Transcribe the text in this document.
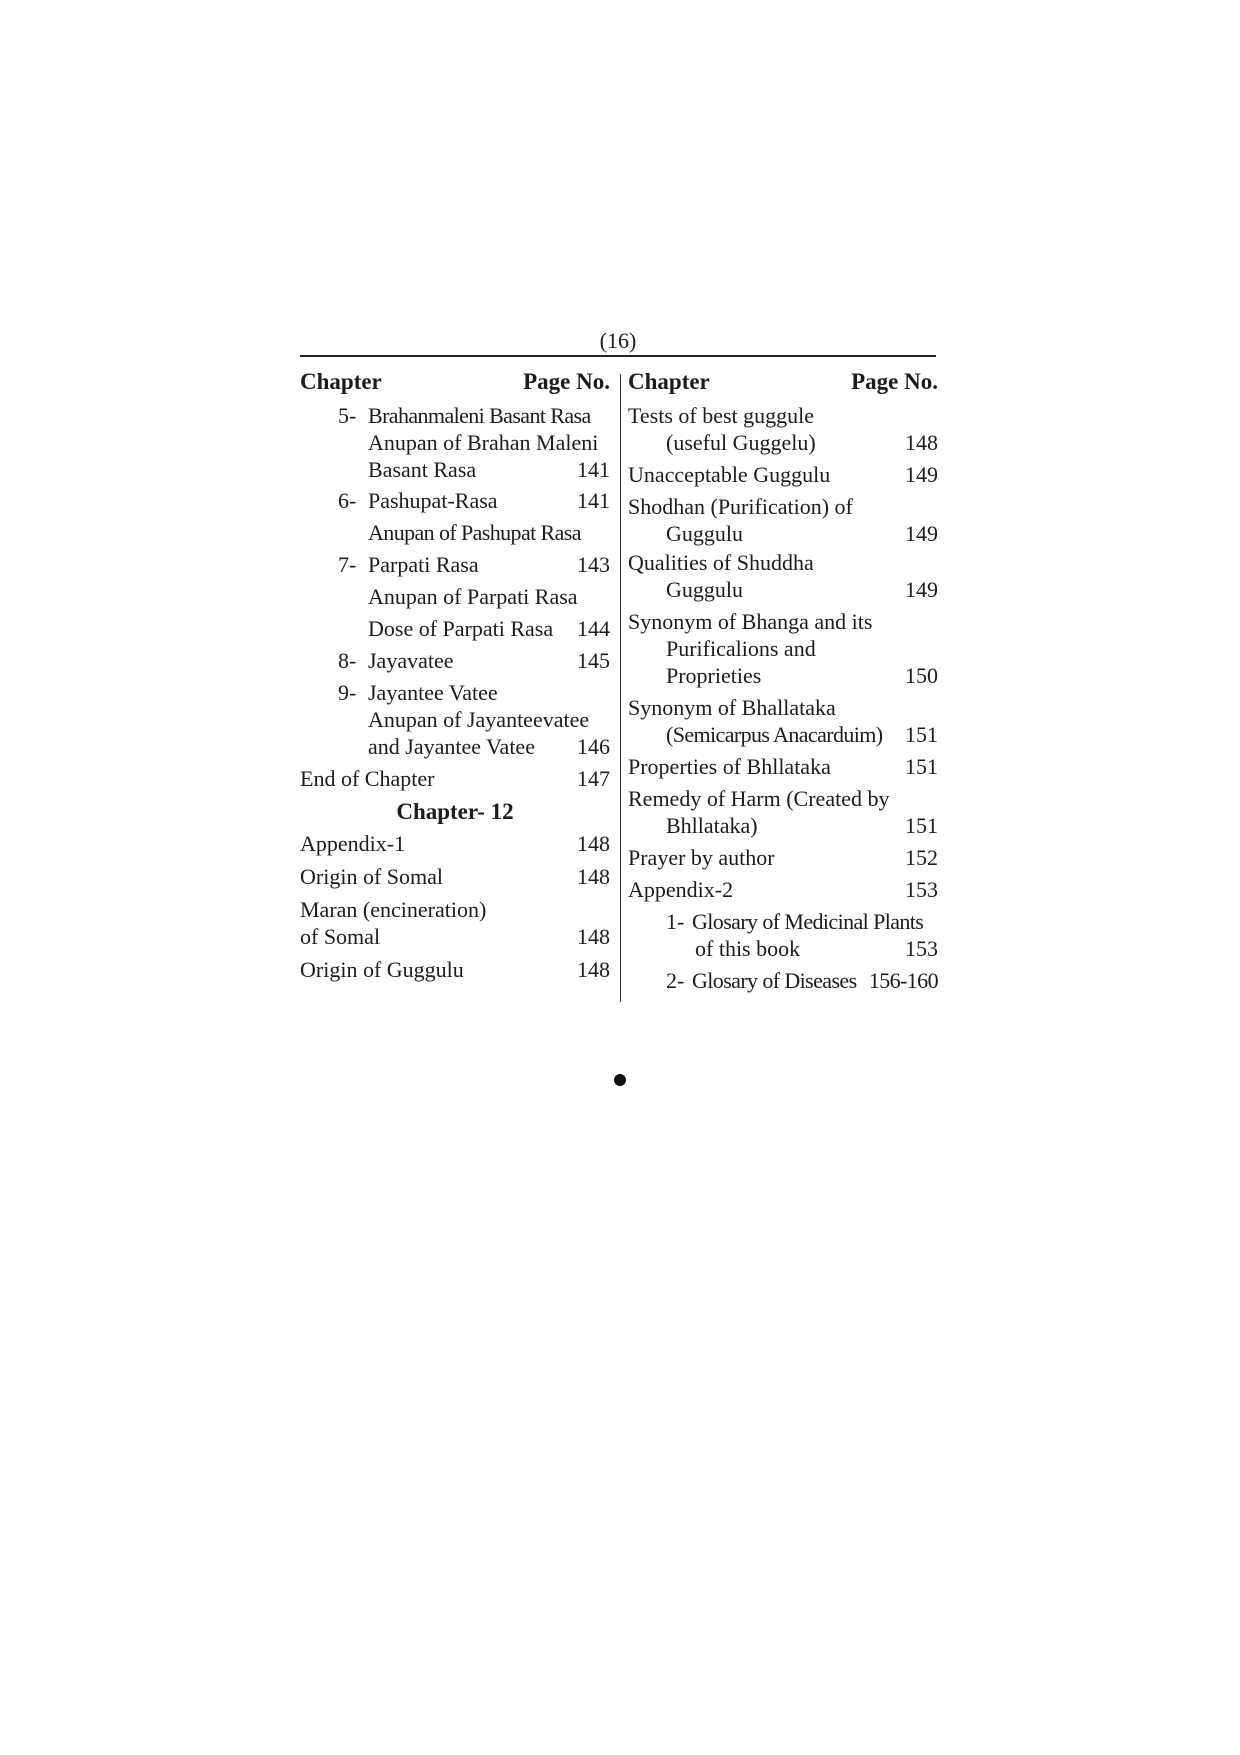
(16)
Chapter	Page No.
5- Brahanmaleni Basant Rasa
Anupan of Brahan Maleni
Basant Rasa	141
6- Pashupat-Rasa	141
Anupan of Pashupat Rasa
7- Parpati Rasa	143
Anupan of Parpati Rasa
Dose of Parpati Rasa	144
8- Jayavatee	145
9- Jayantee Vatee
Anupan of Jayanteevatee
and Jayantee Vatee	146
End of Chapter	147
Chapter- 12
Appendix-1	148
Origin of Somal	148
Maran (encineration)
of Somal	148
Origin of Guggulu	148
Chapter	Page No.
Tests of best guggule
(useful Guggelu)	148
Unacceptable Guggulu	149
Shodhan (Purification) of
Guggulu	149
Qualities of Shuddha
Guggulu	149
Synonym of Bhanga and its
Purificalions and
Proprieties	150
Synonym of Bhallataka
(Semicarpus Anacarduim)	151
Properties of Bhllataka	151
Remedy of Harm (Created by
Bhllataka)	151
Prayer by author	152
Appendix-2	153
1- Glosary of Medicinal Plants
of this book	153
2- Glosary of Diseases 156-160
